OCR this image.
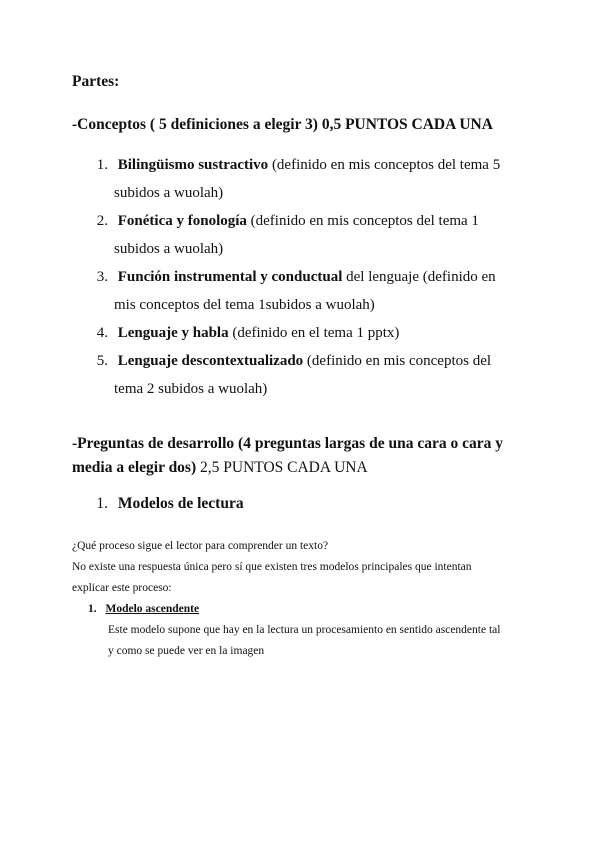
Partes:
-Conceptos ( 5 definiciones a elegir 3) 0,5 PUNTOS CADA UNA
1. Bilingüismo sustractivo (definido en mis conceptos del tema 5
subidos a wuolah)
2. Fonética y fonología (definido en mis conceptos del tema 1
subidos a wuolah)
3. Función instrumental y conductual del lenguaje (definido en
mis conceptos del tema 1subidos a wuolah)
4. Lenguaje y habla (definido en el tema 1 pptx)
5. Lenguaje descontextualizado (definido en mis conceptos del
tema 2 subidos a wuolah)
-Preguntas de desarrollo (4 preguntas largas de una cara o cara y
media a elegir dos) 2,5 PUNTOS CADA UNA
1. Modelos de lectura
¿Qué proceso sigue el lector para comprender un texto?
No existe una respuesta única pero sí que existen tres modelos principales que intentan
explicar este proceso:
1. Modelo ascendente
Este modelo supone que hay en la lectura un procesamiento en sentido ascendente tal
y como se puede ver en la imagen
